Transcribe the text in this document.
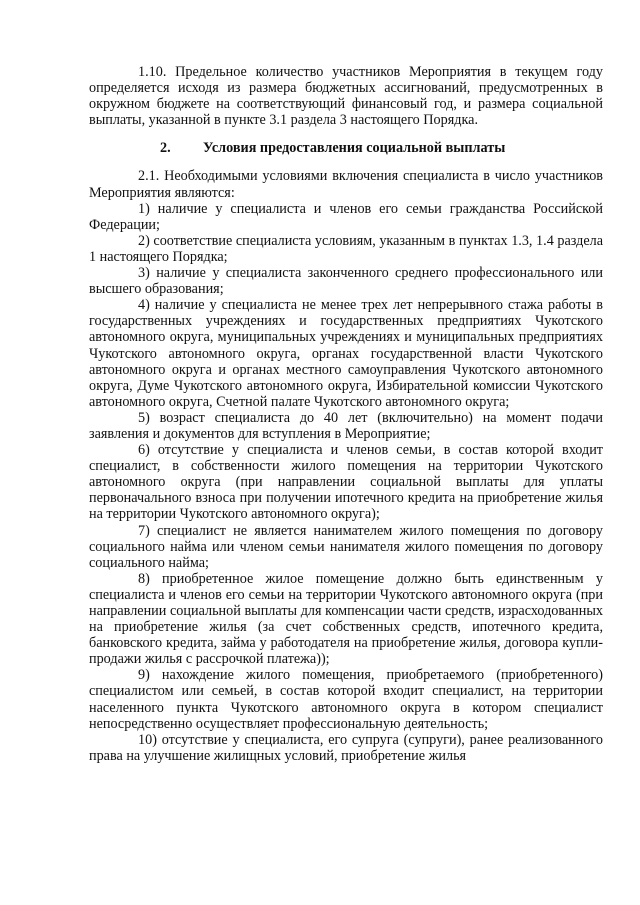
1.10. Предельное количество участников Мероприятия в текущем году определяется исходя из размера бюджетных ассигнований, предусмотренных в окружном бюджете на соответствующий финансовый год, и размера социальной выплаты, указанной в пункте 3.1 раздела 3 настоящего Порядка.

2. Условия предоставления социальной выплаты

2.1. Необходимыми условиями включения специалиста в число участников Мероприятия являются:

1) наличие у специалиста и членов его семьи гражданства Российской Федерации;

2) соответствие специалиста условиям, указанным в пунктах 1.3, 1.4 раздела 1 настоящего Порядка;

3) наличие у специалиста законченного среднего профессионального или высшего образования;

4) наличие у специалиста не менее трех лет непрерывного стажа работы в государственных учреждениях и государственных предприятиях Чукотского автономного округа, муниципальных учреждениях и муниципальных предприятиях Чукотского автономного округа, органах государственной власти Чукотского автономного округа и органах местного самоуправления Чукотского автономного округа, Думе Чукотского автономного округа, Избирательной комиссии Чукотского автономного округа, Счетной палате Чукотского автономного округа;

5) возраст специалиста до 40 лет (включительно) на момент подачи заявления и документов для вступления в Мероприятие;

6) отсутствие у специалиста и членов семьи, в состав которой входит специалист, в собственности жилого помещения на территории Чукотского автономного округа (при направлении социальной выплаты для уплаты первоначального взноса при получении ипотечного кредита на приобретение жилья на территории Чукотского автономного округа);

7) специалист не является нанимателем жилого помещения по договору социального найма или членом семьи нанимателя жилого помещения по договору социального найма;

8) приобретенное жилое помещение должно быть единственным у специалиста и членов его семьи на территории Чукотского автономного округа (при направлении социальной выплаты для компенсации части средств, израсходованных на приобретение жилья (за счет собственных средств, ипотечного кредита, банковского кредита, займа у работодателя на приобретение жилья, договора купли-продажи жилья с рассрочкой платежа));

9) нахождение жилого помещения, приобретаемого (приобретенного) специалистом или семьей, в состав которой входит специалист, на территории населенного пункта Чукотского автономного округа в котором специалист непосредственно осуществляет профессиональную деятельность;

10) отсутствие у специалиста, его супруга (супруги), ранее реализованного права на улучшение жилищных условий, приобретение жилья
